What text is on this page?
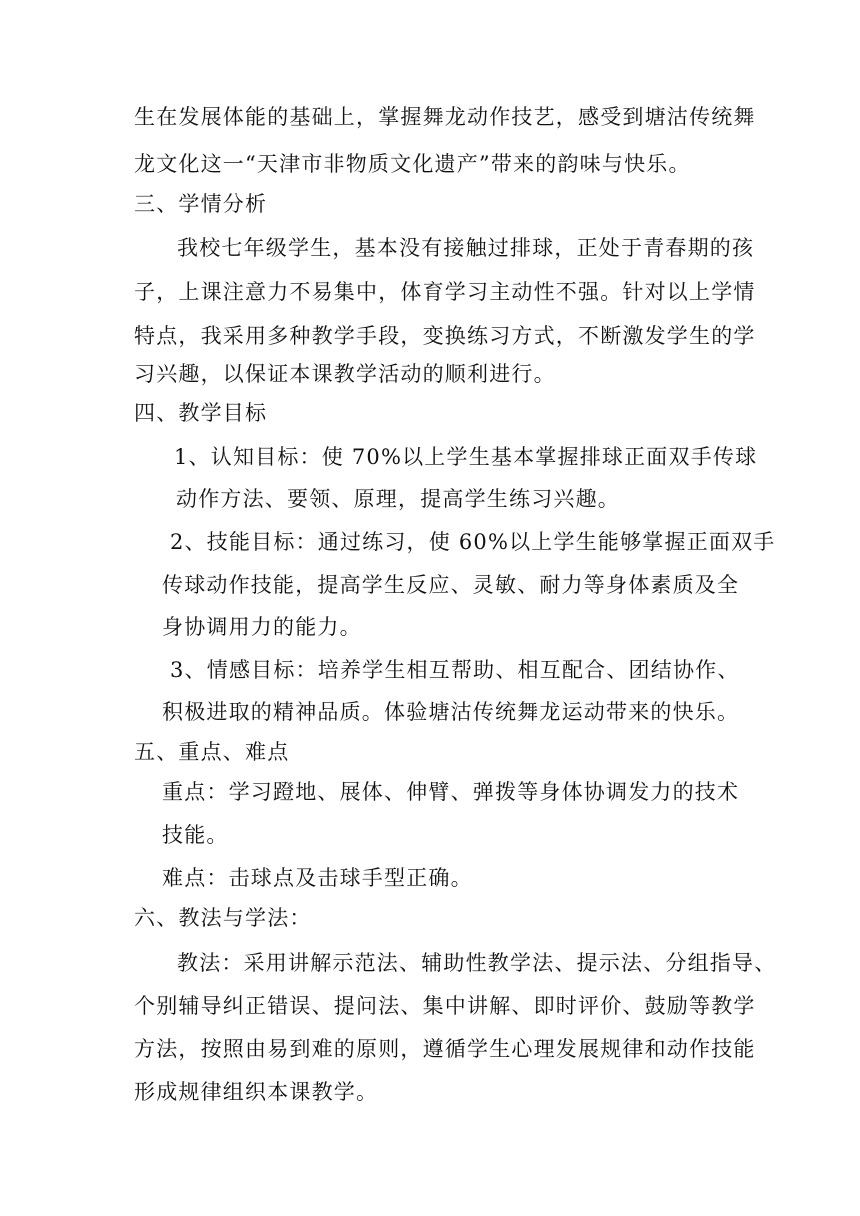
生在发展体能的基础上，掌握舞龙动作技艺，感受到塘沽传统舞
龙文化这一“天津市非物质文化遗产”带来的韵味与快乐。
三、学情分析
我校七年级学生，基本没有接触过排球，正处于青春期的孩
子，上课注意力不易集中，体育学习主动性不强。针对以上学情
特点，我采用多种教学手段，变换练习方式，不断激发学生的学
习兴趣，以保证本课教学活动的顺利进行。
四、教学目标
1、认知目标：使 70%以上学生基本掌握排球正面双手传球
动作方法、要领、原理，提高学生练习兴趣。
2、技能目标：通过练习，使 60%以上学生能够掌握正面双手
传球动作技能，提高学生反应、灵敏、耐力等身体素质及全
身协调用力的能力。
3、情感目标：培养学生相互帮助、相互配合、团结协作、
积极进取的精神品质。体验塘沽传统舞龙运动带来的快乐。
五、重点、难点
重点：学习蹬地、展体、伸臂、弹拨等身体协调发力的技术
技能。
难点：击球点及击球手型正确。
六、教法与学法：
教法：采用讲解示范法、辅助性教学法、提示法、分组指导、
个别辅导纠正错误、提问法、集中讲解、即时评价、鼓励等教学
方法，按照由易到难的原则，遵循学生心理发展规律和动作技能
形成规律组织本课教学。
